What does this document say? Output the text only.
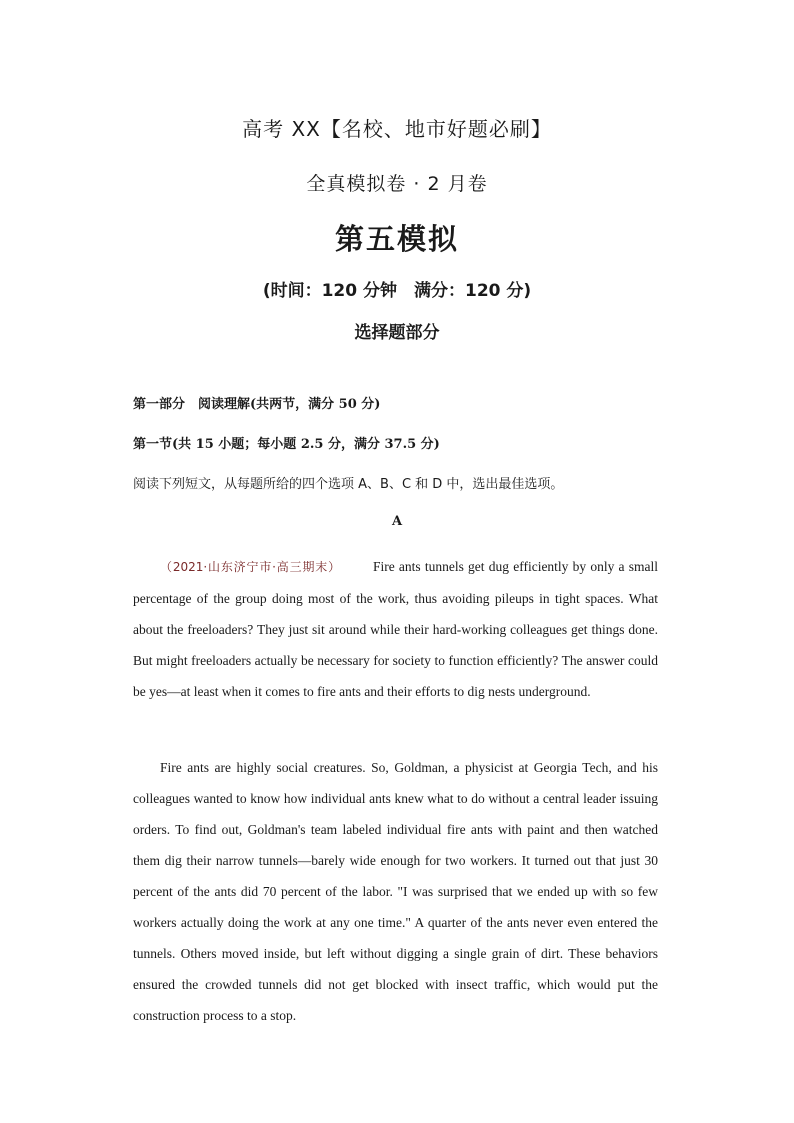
高考 XX【名校、地市好题必刷】
全真模拟卷 · 2 月卷
第五模拟
(时间：120 分钟　满分：120 分)
选择题部分
第一部分　阅读理解(共两节，满分 50 分)
第一节(共 15 小题；每小题 2.5 分，满分 37.5 分)
阅读下列短文，从每题所给的四个选项 A、B、C 和 D 中，选出最佳选项。
A
（2021·山东济宁市·高三期末） Fire ants tunnels get dug efficiently by only a small percentage of the group doing most of the work, thus avoiding pileups in tight spaces. What about the freeloaders? They just sit around while their hard-working colleagues get things done. But might freeloaders actually be necessary for society to function efficiently? The answer could be yes—at least when it comes to fire ants and their efforts to dig nests underground.
Fire ants are highly social creatures. So, Goldman, a physicist at Georgia Tech, and his colleagues wanted to know how individual ants knew what to do without a central leader issuing orders. To find out, Goldman's team labeled individual fire ants with paint and then watched them dig their narrow tunnels—barely wide enough for two workers. It turned out that just 30 percent of the ants did 70 percent of the labor. "I was surprised that we ended up with so few workers actually doing the work at any one time." A quarter of the ants never even entered the tunnels. Others moved inside, but left without digging a single grain of dirt. These behaviors ensured the crowded tunnels did not get blocked with insect traffic, which would put the construction process to a stop.
